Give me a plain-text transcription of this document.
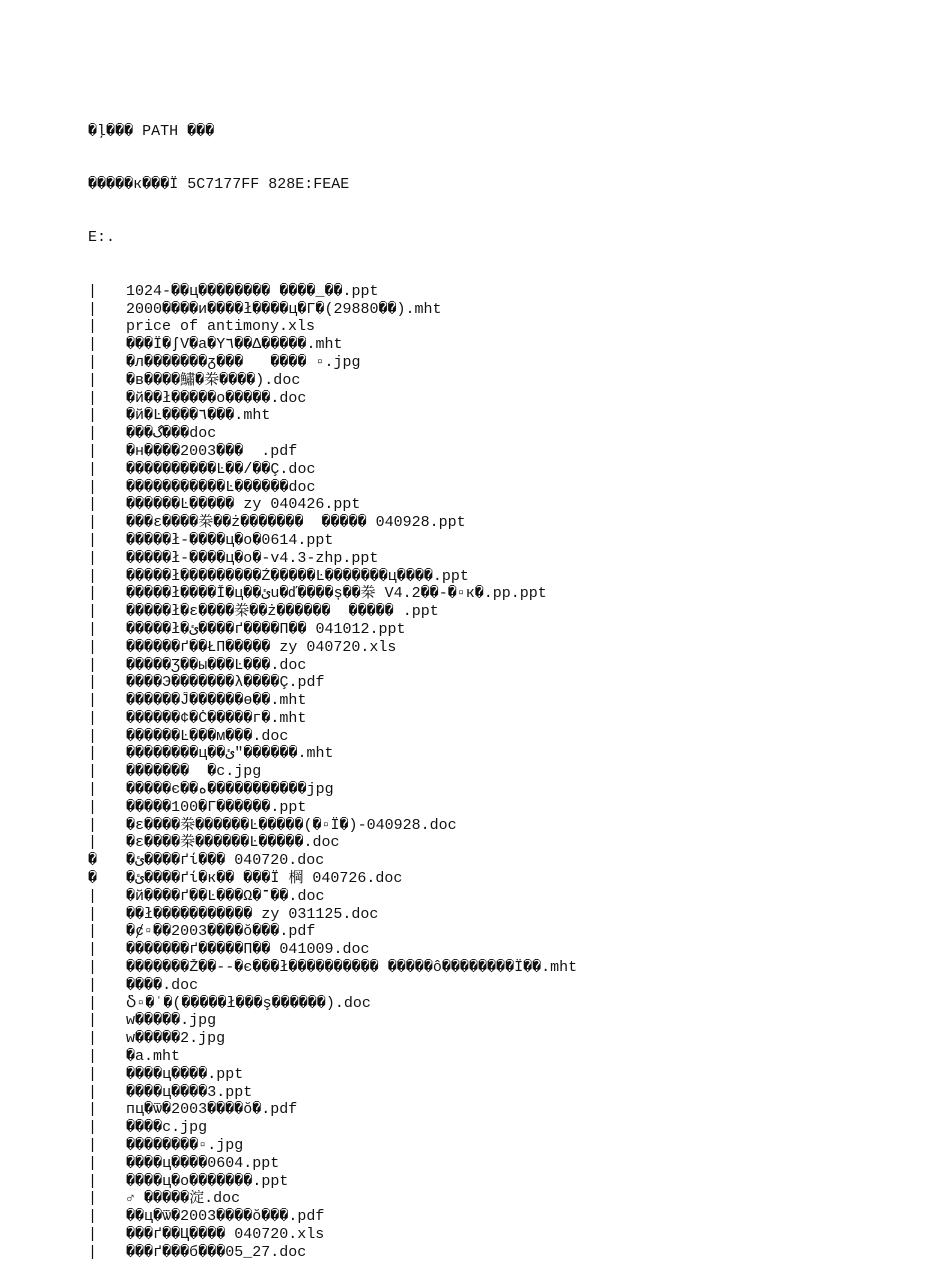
�ļ��� PATH ���

�����к���Ϊ 5C7177FF 828E:FEAE

E:.

| 1024-��ц�������� ����_��.ppt
| 2000����и����ł����ц�Г�(29880��).mht
| price of antimony.xls
| ���Ϊ�ʃV�a�Y٦��Δ�����.mht
| �л�������ᵹ���   ���� ▫.jpg
| �в����鱐�桊����).doc
| �й��ł�����о�����.doc
| �й�Ŀ����٦���.mht
| ���گ���doc
| �н����2003���  .pdf
| ����������Ŀ��/��Ç.doc
| �����������Ŀ������doc
| ������Ŀ����� zy 040426.ppt
| ���ε����桊��ż�������  ����� 040928.ppt
| �����ł-����ц�о�0614.ppt
| �����ł-����ц�о�-v4.3-zhp.ppt
| �����ł���������Ź�����Ŀ�������ц����.ppt
| �����ł����Ĭ�ц��ئu�ď����ș��桊 V4.2��-�▫к�.pp.ppt
| �����ł�ε����桊��ż������  ����� .ppt
| �����ł�ئ����ґ����П�� 041012.ppt
| ������ґ��ŁП����� zy 040720.xls
| �����Ʒ��ы���Ŀ���.doc
| ����Э�������λ����Ç.pdf
| ������Ĵ������ө��.mht
| ������¢�Ċ�����г�.mht
| ������Ŀ���м���.doc
| ��������ц��ئ″������.mht
| �������  �c.jpg
| �����є��ه�����������jpg
| �����100�Г������.ppt
| �ε����桊������Ŀ�����(�▫Ϊ�)-040928.doc
| �ε����桊������Ŀ�����.doc
� �ئ����ґί��� 040720.doc
� �ئ����ґί�к�� ���Ϊ 棡 040726.doc
| �й����ґ��Ŀ���Ω�־��.doc
| ��ł����������� zy 031125.doc
| �ȼ▫��2003����ŏ���.pdf
| �������ґ�����П�� 041009.doc
| �������Ž��--�є���ł���������� �����ô��������Ϊ��.mht
| ����.doc
| Ⴢ▫�ˈ�(�����ł���ş������).doc
| w�����.jpg
| w�����2.jpg
| �a.mht
| ����ц����.ppt
| ����ц����3.ppt
| пц�ѿ�2003����ŏ�.pdf
| ����c.jpg
| ��������▫.jpg
| ����ц����0604.ppt
| ����ц�о�������.ppt
| ♂ �����淀.doc
| ��ц�ѿ�2003����ŏ���.pdf
| ���ґ��Ц���� 040720.xls
| ���ґ���б���05_27.doc
